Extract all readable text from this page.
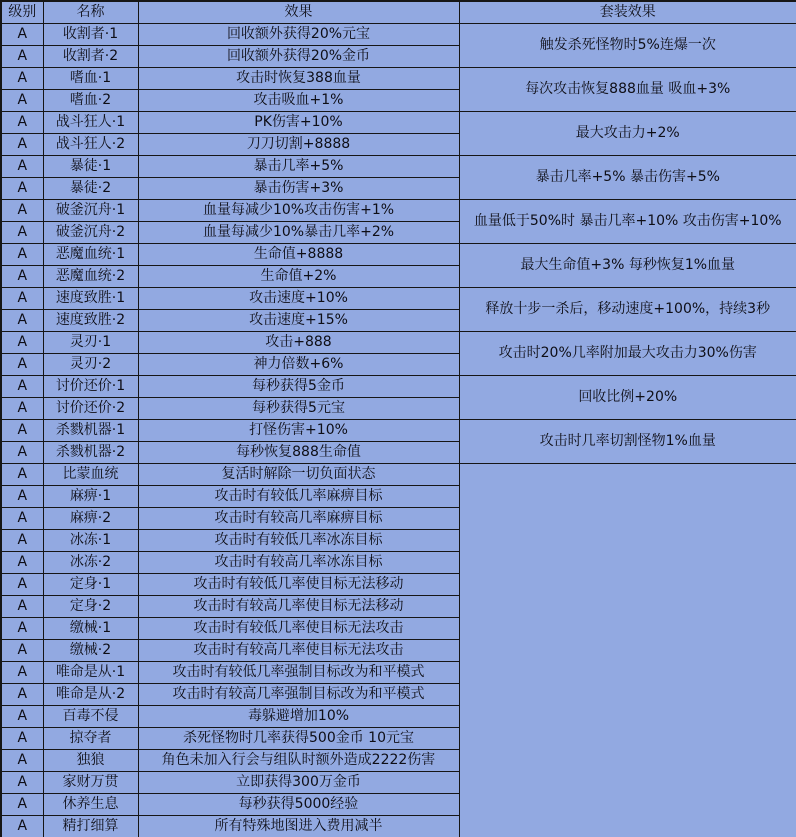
级别	名称	效果	套装效果
A	收割者·1	回收额外获得20%元宝	触发杀死怪物时5%连爆一次
A	收割者·2	回收额外获得20%金币	
A	嗜血·1	攻击时恢复388血量	每次攻击恢复888血量 吸血+3%
A	嗜血·2	攻击吸血+1%	
A	战斗狂人·1	PK伤害+10%	最大攻击力+2%
A	战斗狂人·2	刀刀切割+8888	
A	暴徒·1	暴击几率+5%	暴击几率+5% 暴击伤害+5%
A	暴徒·2	暴击伤害+3%	
A	破釜沉舟·1	血量每减少10%攻击伤害+1%	血量低于50%时 暴击几率+10% 攻击伤害+10%
A	破釜沉舟·2	血量每减少10%暴击几率+2%	
A	恶魔血统·1	生命值+8888	最大生命值+3% 每秒恢复1%血量
A	恶魔血统·2	生命值+2%	
A	速度致胜·1	攻击速度+10%	释放十步一杀后，移动速度+100%，持续3秒
A	速度致胜·2	攻击速度+15%	
A	灵刃·1	攻击+888	攻击时20%几率附加最大攻击力30%伤害
A	灵刃·2	神力倍数+6%	
A	讨价还价·1	每秒获得5金币	回收比例+20%
A	讨价还价·2	每秒获得5元宝	
A	杀戮机器·1	打怪伤害+10%	攻击时几率切割怪物1%血量
A	杀戮机器·2	每秒恢复888生命值	
A	比蒙血统	复活时解除一切负面状态	
A	麻痹·1	攻击时有较低几率麻痹目标	
A	麻痹·2	攻击时有较高几率麻痹目标	
A	冰冻·1	攻击时有较低几率冰冻目标	
A	冰冻·2	攻击时有较高几率冰冻目标	
A	定身·1	攻击时有较低几率使目标无法移动	
A	定身·2	攻击时有较高几率使目标无法移动	
A	缴械·1	攻击时有较低几率使目标无法攻击	
A	缴械·2	攻击时有较高几率使目标无法攻击	
A	唯命是从·1	攻击时有较低几率强制目标改为和平模式	
A	唯命是从·2	攻击时有较高几率强制目标改为和平模式	
A	百毒不侵	毒躲避增加10%	
A	掠夺者	杀死怪物时几率获得500金币 10元宝	
A	独狼	角色未加入行会与组队时额外造成2222伤害	
A	家财万贯	立即获得300万金币	
A	休养生息	每秒获得5000经验	
A	精打细算	所有特殊地图进入费用减半	
